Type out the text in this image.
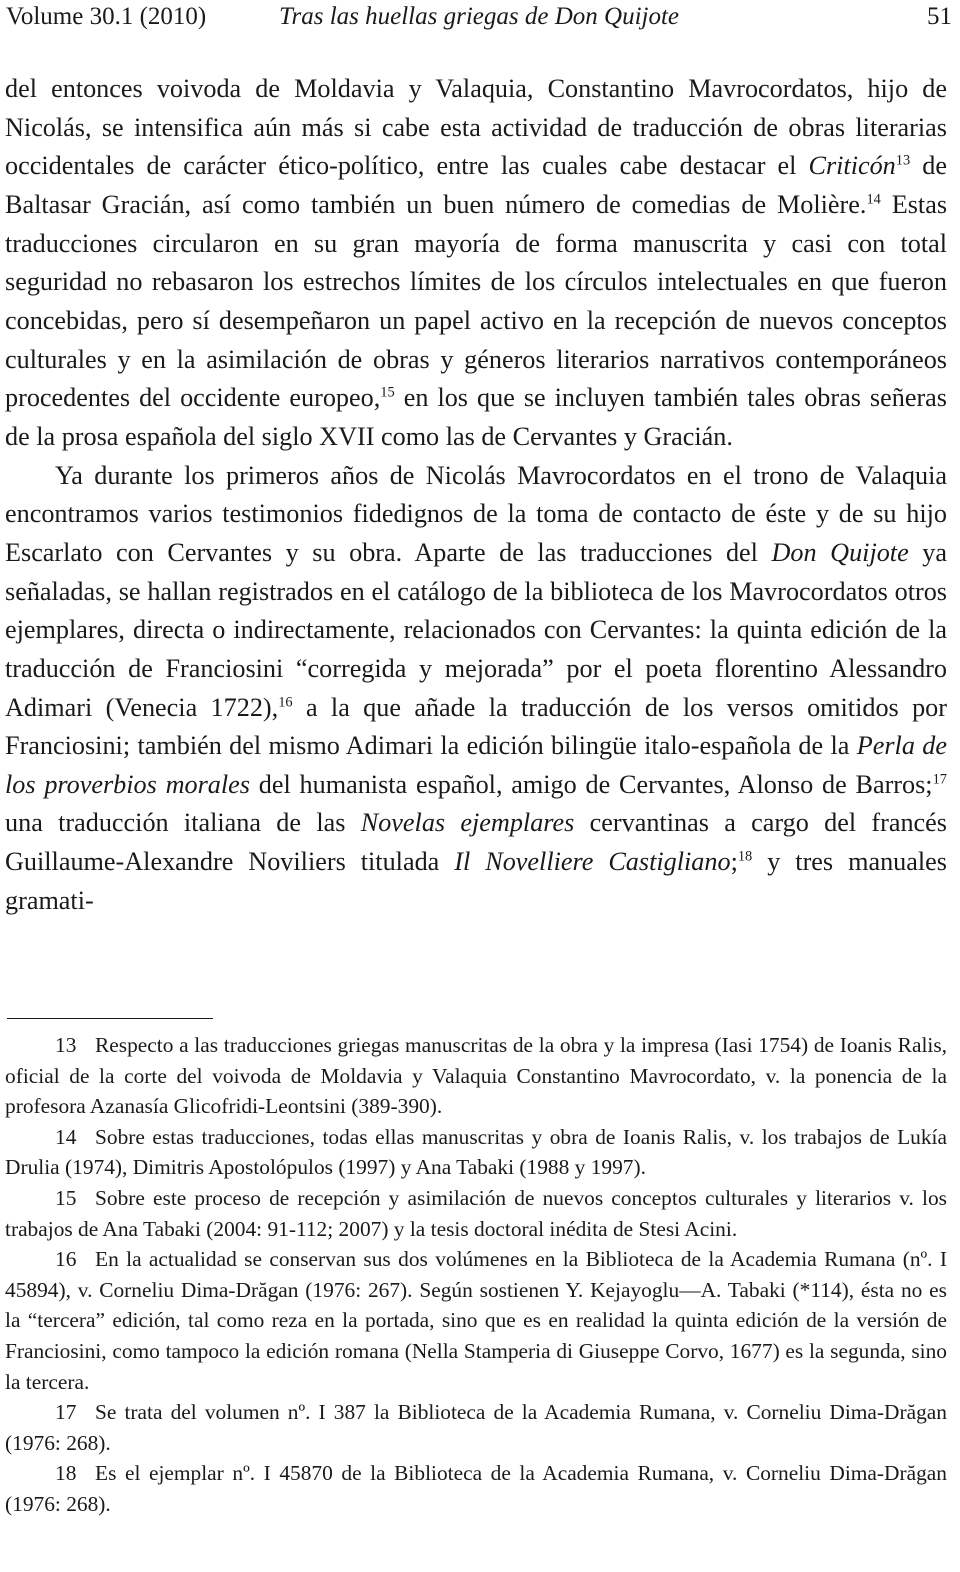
Volume 30.1 (2010)	Tras las huellas griegas de Don Quijote	51

del entonces voivoda de Moldavia y Valaquia, Constantino Mavrocordatos, hijo de Nicolás, se intensifica aún más si cabe esta actividad de traducción de obras literarias occidentales de carácter ético-político, entre las cuales cabe destacar el Criticón$^{13}$ de Baltasar Gracián, así como también un buen número de comedias de Molière.$^{14}$ Estas traducciones circularon en su gran mayoría de forma manuscrita y casi con total seguridad no rebasaron los estrechos límites de los círculos intelectuales en que fueron concebidas, pero sí desempeñaron un papel activo en la recepción de nuevos conceptos culturales y en la asimilación de obras y géneros literarios narrativos contemporáneos procedentes del occidente europeo,$^{15}$ en los que se incluyen también tales obras señeras de la prosa española del siglo XVII como las de Cervantes y Gracián.

Ya durante los primeros años de Nicolás Mavrocordatos en el trono de Valaquia encontramos varios testimonios fidedignos de la toma de contacto de éste y de su hijo Escarlato con Cervantes y su obra. Aparte de las traducciones del Don Quijote ya señaladas, se hallan registrados en el catálogo de la biblioteca de los Mavrocordatos otros ejemplares, directa o indirectamente, relacionados con Cervantes: la quinta edición de la traducción de Franciosini “corregida y mejorada” por el poeta florentino Alessandro Adimari (Venecia 1722),$^{16}$ a la que añade la traducción de los versos omitidos por Franciosini; también del mismo Adimari la edición bilingüe italo-española de la Perla de los proverbios morales del humanista español, amigo de Cervantes, Alonso de Barros;$^{17}$ una traducción italiana de las Novelas ejemplares cervantinas a cargo del francés Guillaume-Alexandre Noviliers titulada Il Novelliere Castigliano;$^{18}$ y tres manuales gramati-

13 Respecto a las traducciones griegas manuscritas de la obra y la impresa (Iasi 1754) de Ioanis Ralis, oficial de la corte del voivoda de Moldavia y Valaquia Constantino Mavrocordato, v. la ponencia de la profesora Azanasía Glicofridi-Leontsini (389-390).

14 Sobre estas traducciones, todas ellas manuscritas y obra de Ioanis Ralis, v. los trabajos de Lukía Drulia (1974), Dimitris Apostolópulos (1997) y Ana Tabaki (1988 y 1997).

15 Sobre este proceso de recepción y asimilación de nuevos conceptos culturales y literarios v. los trabajos de Ana Tabaki (2004: 91-112; 2007) y la tesis doctoral inédita de Stesi Acini.

16 En la actualidad se conservan sus dos volúmenes en la Biblioteca de la Academia Rumana (nº. I 45894), v. Corneliu Dima-Drăgan (1976: 267). Según sostienen Y. Kejayoglu—A. Tabaki (*114), ésta no es la “tercera” edición, tal como reza en la portada, sino que es en realidad la quinta edición de la versión de Franciosini, como tampoco la edición romana (Nella Stamperia di Giuseppe Corvo, 1677) es la segunda, sino la tercera.

17 Se trata del volumen nº. I 387 la Biblioteca de la Academia Rumana, v. Corneliu Dima-Drăgan (1976: 268).

18 Es el ejemplar nº. I 45870 de la Biblioteca de la Academia Rumana, v. Corneliu Dima-Drăgan (1976: 268).
